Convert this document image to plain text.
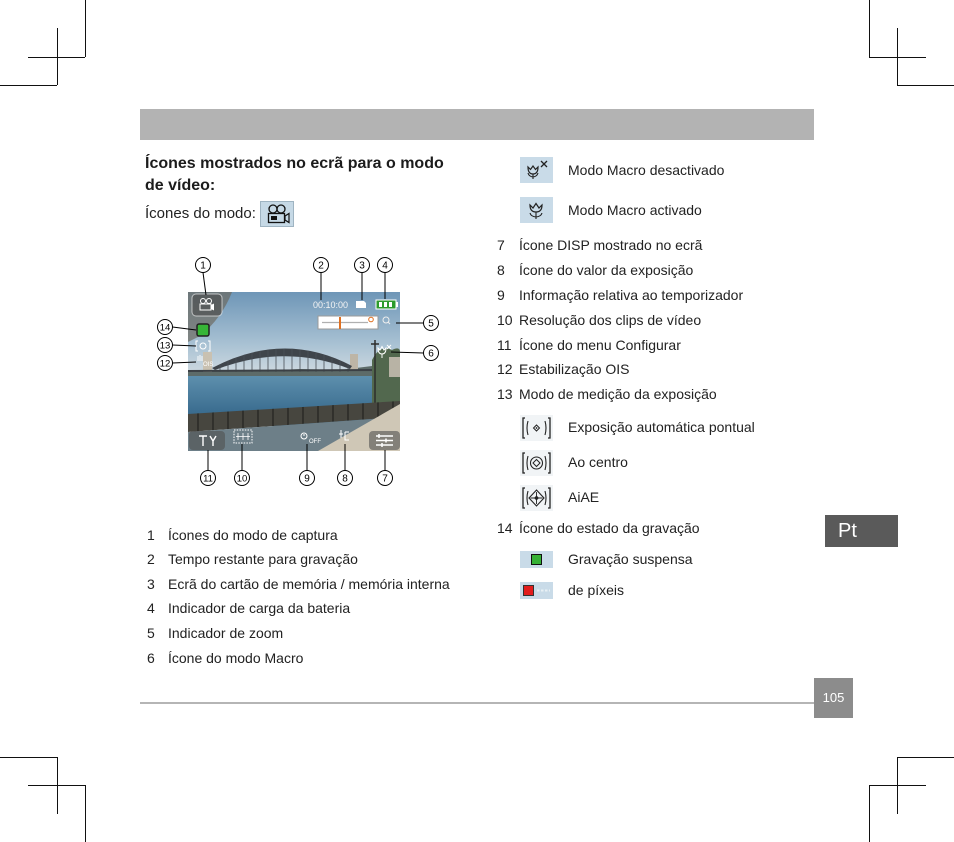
Ícones mostrados no ecrã para o modo de vídeo:
Ícones do modo:
00:10:00
OIS
OFF
1	2	3 4
5
6
7
8
9
10
11
12
13
14
1 Ícones do modo de captura
2 Tempo restante para gravação
3 Ecrã do cartão de memória / memória interna
4 Indicador de carga da bateria
5 Indicador de zoom
6 Ícone do modo Macro
Modo Macro desactivado
Modo Macro activado
7 Ícone DISP mostrado no ecrã
8 Ícone do valor da exposição
9 Informação relativa ao temporizador
10 Resolução dos clips de vídeo
11 Ícone do menu Configurar
12 Estabilização OIS
13 Modo de medição da exposição
Exposição automática pontual
Ao centro
AiAE
14 Ícone do estado da gravação
Gravação suspensa
de píxeis
Pt
105
